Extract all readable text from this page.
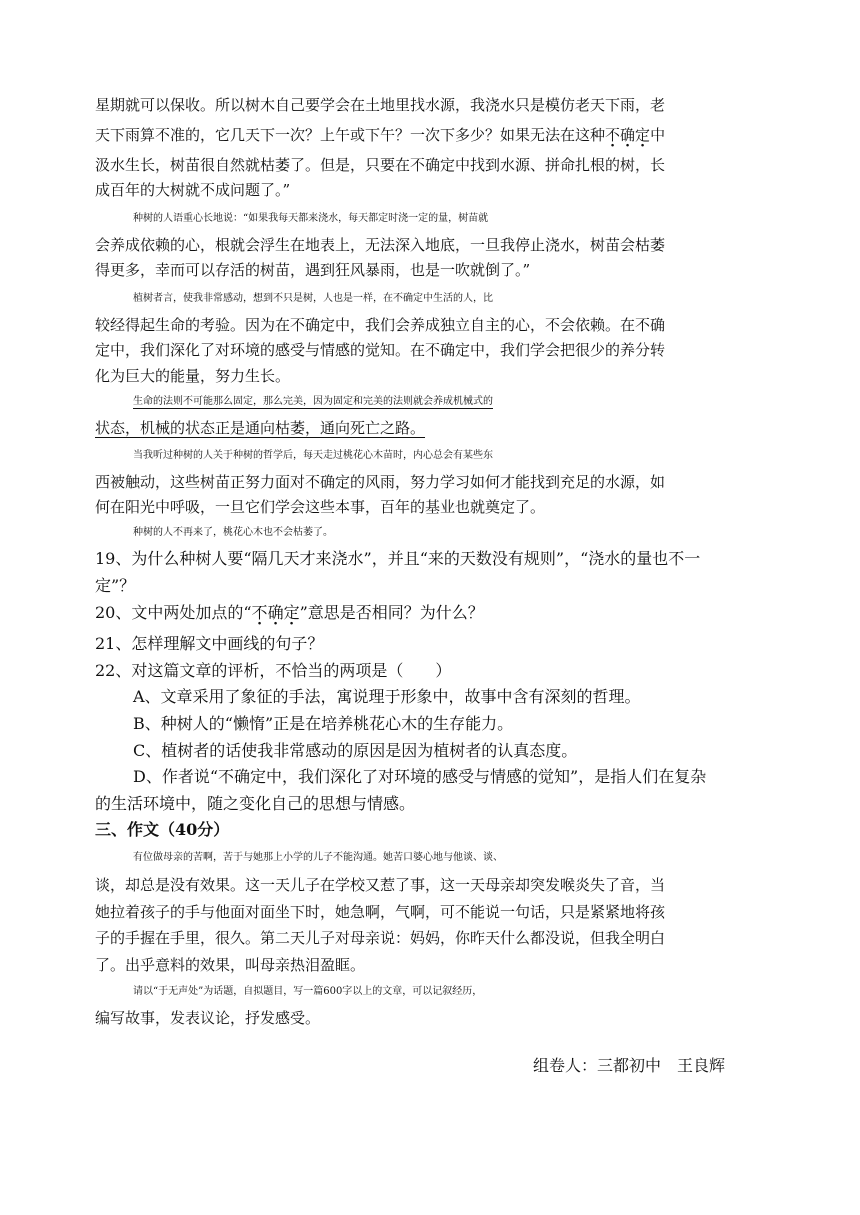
星期就可以保收。所以树木自己要学会在土地里找水源，我浇水只是模仿老天下雨，老
天下雨算不准的，它几天下一次？上午或下午？一次下多少？如果无法在这种不确定中
汲水生长，树苗很自然就枯萎了。但是，只要在不确定中找到水源、拼命扎根的树，长
成百年的大树就不成问题了。”
种树的人语重心长地说：“如果我每天都来浇水，每天都定时浇一定的量，树苗就
会养成依赖的心，根就会浮生在地表上，无法深入地底，一旦我停止浇水，树苗会枯萎
得更多，幸而可以存活的树苗，遇到狂风暴雨，也是一吹就倒了。”
植树者言，使我非常感动，想到不只是树，人也是一样，在不确定中生活的人，比
较经得起生命的考验。因为在不确定中，我们会养成独立自主的心，不会依赖。在不确
定中，我们深化了对环境的感受与情感的觉知。在不确定中，我们学会把很少的养分转
化为巨大的能量，努力生长。
生命的法则不可能那么固定，那么完美，因为固定和完美的法则就会养成机械式的
状态，机械的状态正是通向枯萎，通向死亡之路。
当我听过种树的人关于种树的哲学后，每天走过桃花心木苗时，内心总会有某些东
西被触动，这些树苗正努力面对不确定的风雨，努力学习如何才能找到充足的水源，如
何在阳光中呼吸，一旦它们学会这些本事，百年的基业也就奠定了。
种树的人不再来了，桃花心木也不会枯萎了。
19、为什么种树人要“隔几天才来浇水”，并且“来的天数没有规则”，“浇水的量也不一
定”？
20、文中两处加点的“不确定”意思是否相同？为什么？
21、怎样理解文中画线的句子？
22、对这篇文章的评析，不恰当的两项是（　　）
A、文章采用了象征的手法，寓说理于形象中，故事中含有深刻的哲理。
B、种树人的“懒惰”正是在培养桃花心木的生存能力。
C、植树者的话使我非常感动的原因是因为植树者的认真态度。
D、作者说“不确定中，我们深化了对环境的感受与情感的觉知”，是指人们在复杂
的生活环境中，随之变化自己的思想与情感。
三、作文（40分）
有位做母亲的苦啊，苦于与她那上小学的儿子不能沟通。她苦口婆心地与他谈、谈、
谈，却总是没有效果。这一天儿子在学校又惹了事，这一天母亲却突发喉炎失了音，当
她拉着孩子的手与他面对面坐下时，她急啊，气啊，可不能说一句话，只是紧紧地将孩
子的手握在手里，很久。第二天儿子对母亲说：妈妈，你昨天什么都没说，但我全明白
了。出乎意料的效果，叫母亲热泪盈眶。
请以“于无声处”为话题，自拟题目，写一篇600字以上的文章，可以记叙经历，
编写故事，发表议论，抒发感受。
组卷人：三都初中　王良辉
